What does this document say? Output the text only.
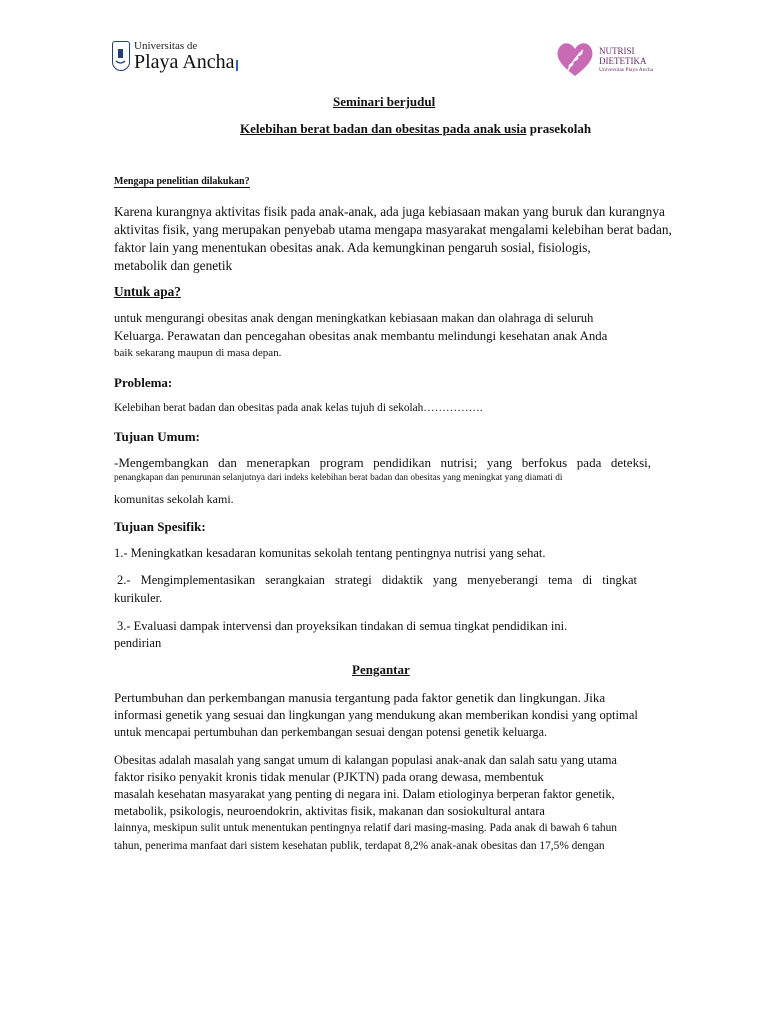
Universitas de
Playa Ancha	NUTRISI
DIETETIKA
Universitas Playa Ancha
Seminari berjudul
Kelebihan berat badan dan obesitas pada anak usia prasekolah
Mengapa penelitian dilakukan?
Karena kurangnya aktivitas fisik pada anak-anak, ada juga kebiasaan makan yang buruk dan kurangnya
aktivitas fisik, yang merupakan penyebab utama mengapa masyarakat mengalami kelebihan berat badan,
faktor lain yang menentukan obesitas anak. Ada kemungkinan pengaruh sosial, fisiologis,
metabolik dan genetik
Untuk apa?
untuk mengurangi obesitas anak dengan meningkatkan kebiasaan makan dan olahraga di seluruh
Keluarga. Perawatan dan pencegahan obesitas anak membantu melindungi kesehatan anak Anda
baik sekarang maupun di masa depan.
Problema:
Kelebihan berat badan dan obesitas pada anak kelas tujuh di sekolah…………….
Tujuan Umum:
-Mengembangkan dan menerapkan program pendidikan nutrisi; yang berfokus pada deteksi,
penangkapan dan penurunan selanjutnya dari indeks kelebihan berat badan dan obesitas yang meningkat yang diamati di
komunitas sekolah kami.
Tujuan Spesifik:
1.- Meningkatkan kesadaran komunitas sekolah tentang pentingnya nutrisi yang sehat.
2.- Mengimplementasikan serangkaian strategi didaktik yang menyeberangi tema di tingkat
kurikuler.
3.- Evaluasi dampak intervensi dan proyeksikan tindakan di semua tingkat pendidikan ini.
pendirian
Pengantar
Pertumbuhan dan perkembangan manusia tergantung pada faktor genetik dan lingkungan. Jika
informasi genetik yang sesuai dan lingkungan yang mendukung akan memberikan kondisi yang optimal
untuk mencapai pertumbuhan dan perkembangan sesuai dengan potensi genetik keluarga.
Obesitas adalah masalah yang sangat umum di kalangan populasi anak-anak dan salah satu yang utama
faktor risiko penyakit kronis tidak menular (PJKTN) pada orang dewasa, membentuk
masalah kesehatan masyarakat yang penting di negara ini. Dalam etiologinya berperan faktor genetik,
metabolik, psikologis, neuroendokrin, aktivitas fisik, makanan dan sosiokultural antara
lainnya, meskipun sulit untuk menentukan pentingnya relatif dari masing-masing. Pada anak di bawah 6 tahun
tahun, penerima manfaat dari sistem kesehatan publik, terdapat 8,2% anak-anak obesitas dan 17,5% dengan
